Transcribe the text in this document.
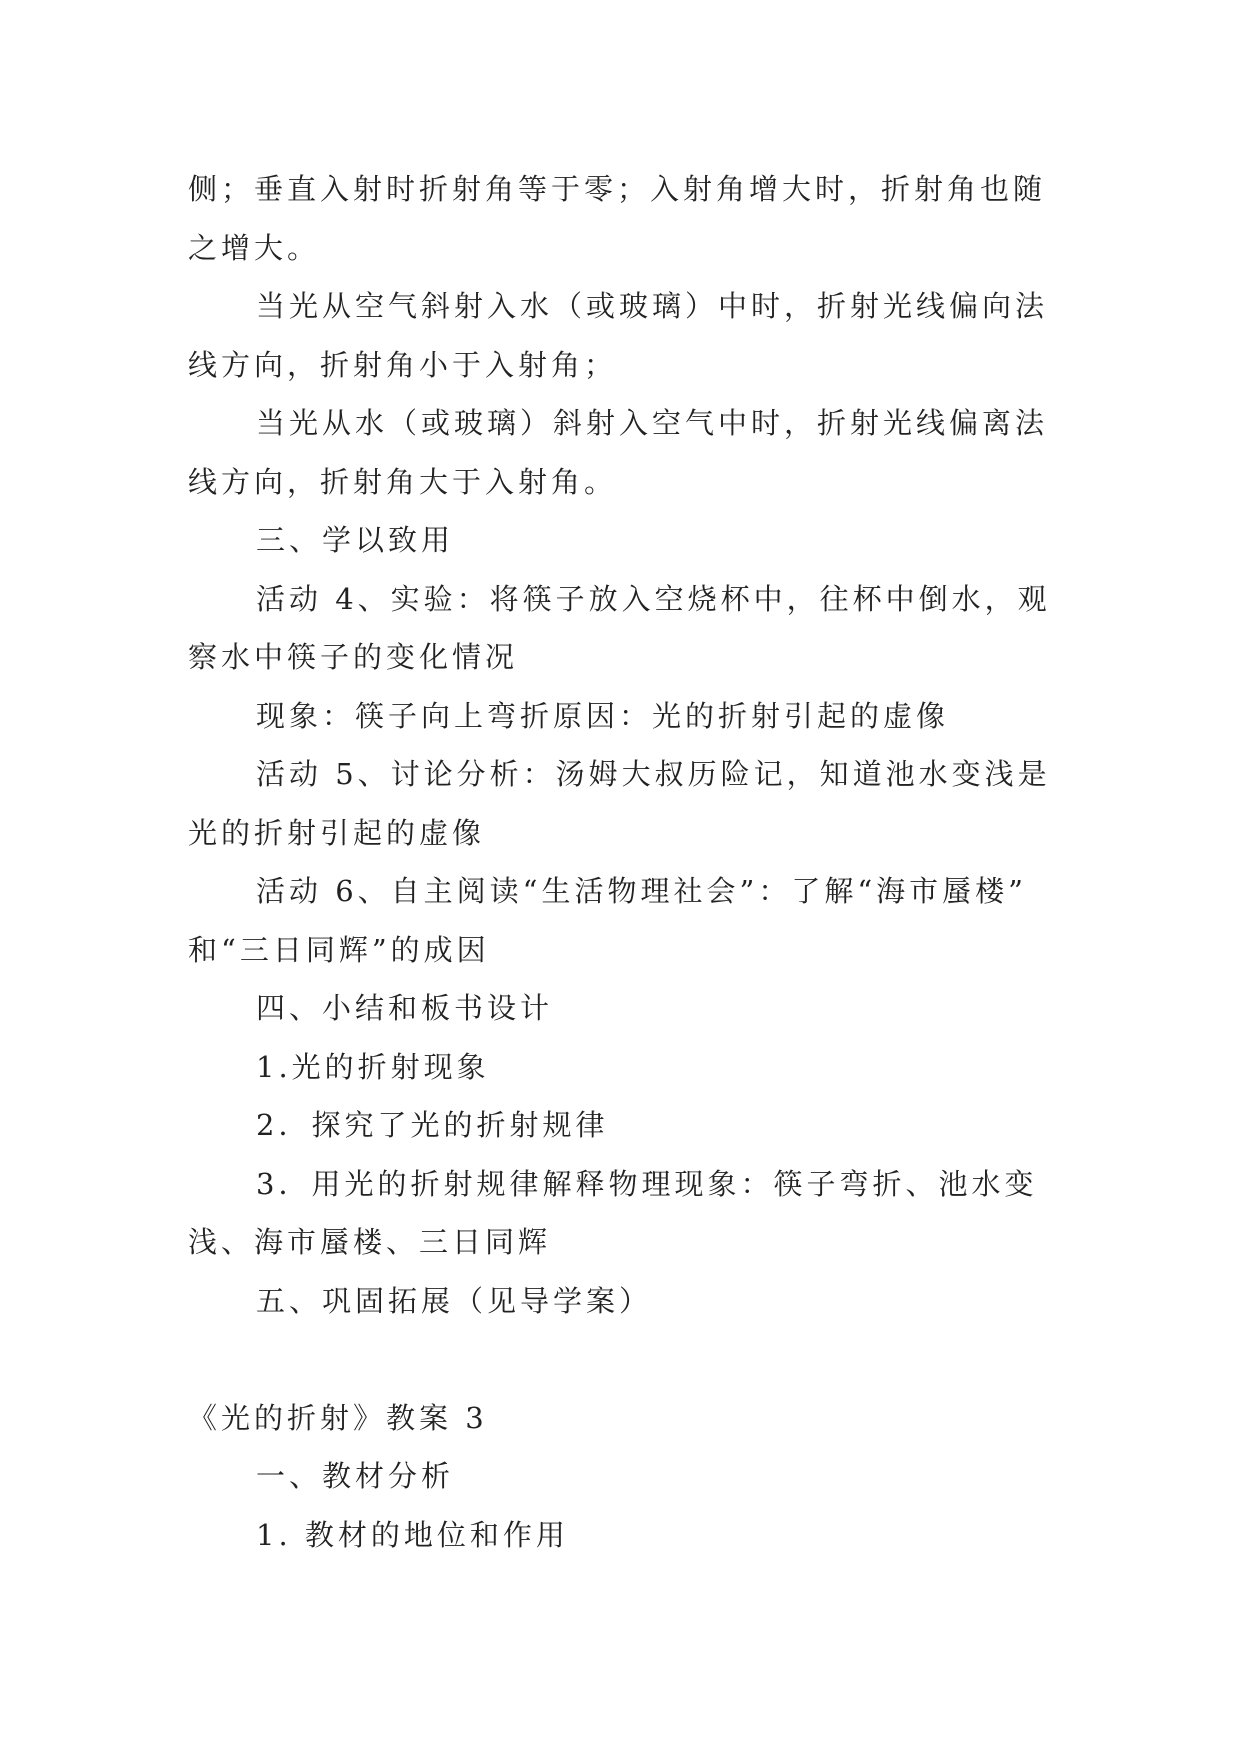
侧；垂直入射时折射角等于零；入射角增大时，折射角也随
之增大。
当光从空气斜射入水（或玻璃）中时，折射光线偏向法
线方向，折射角小于入射角；
当光从水（或玻璃）斜射入空气中时，折射光线偏离法
线方向，折射角大于入射角。
三、学以致用
活动 4、实验：将筷子放入空烧杯中，往杯中倒水，观
察水中筷子的变化情况
现象：筷子向上弯折原因：光的折射引起的虚像
活动 5、讨论分析：汤姆大叔历险记，知道池水变浅是
光的折射引起的虚像
活动 6、自主阅读“生活物理社会”：了解“海市蜃楼”
和“三日同辉”的成因
四、小结和板书设计
1.光的折射现象
2．探究了光的折射规律
3．用光的折射规律解释物理现象：筷子弯折、池水变
浅、海市蜃楼、三日同辉
五、巩固拓展（见导学案）
《光的折射》教案 3
一、教材分析
1. 教材的地位和作用
